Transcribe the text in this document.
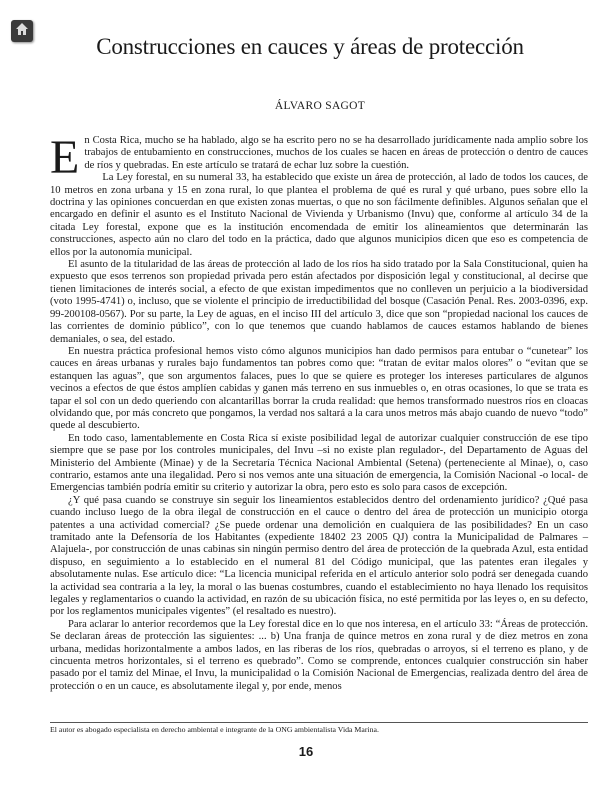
Construcciones en cauces y áreas de protección

ÁLVARO SAGOT

En Costa Rica, mucho se ha hablado, algo se ha escrito pero no se ha desarrollado jurídicamente nada amplio sobre los trabajos de entubamiento en construcciones, muchos de los cuales se hacen en áreas de protección o dentro de cauces de ríos y quebradas. En este artículo se tratará de echar luz sobre la cuestión.

La Ley forestal, en su numeral 33, ha establecido que existe un área de protección, al lado de todos los cauces, de 10 metros en zona urbana y 15 en zona rural, lo que plantea el problema de qué es rural y qué urbano, pues sobre ello la doctrina y las opiniones concuerdan en que existen zonas muertas, o que no son fácilmente definibles. Algunos señalan que el encargado en definir el asunto es el Instituto Nacional de Vivienda y Urbanismo (Invu) que, conforme al artículo 34 de la citada Ley forestal, expone que es la institución encomendada de emitir los alineamientos que determinarán las construcciones, aspecto aún no claro del todo en la práctica, dado que algunos municipios dicen que eso es competencia de ellos por la autonomía municipal.

El asunto de la titularidad de las áreas de protección al lado de los ríos ha sido tratado por la Sala Constitucional, quien ha expuesto que esos terrenos son propiedad privada pero están afectados por disposición legal y constitucional, al decirse que tienen limitaciones de interés social, a efecto de que existan impedimentos que no conlleven un perjuicio a la biodiversidad (voto 1995-4741) o, incluso, que se violente el principio de irreductibilidad del bosque (Casación Penal. Res. 2003-0396, exp. 99-200108-0567). Por su parte, la Ley de aguas, en el inciso III del artículo 3, dice que son “propiedad nacional los cauces de las corrientes de dominio público”, con lo que tenemos que cuando hablamos de cauces estamos hablando de bienes demaniales, o sea, del estado.

En nuestra práctica profesional hemos visto cómo algunos municipios han dado permisos para entubar o “cunetear” los cauces en áreas urbanas y rurales bajo fundamentos tan pobres como que: “tratan de evitar malos olores” o “evitan que se estanquen las aguas”, que son argumentos falaces, pues lo que se quiere es proteger los intereses particulares de algunos vecinos a efectos de que éstos amplíen cabidas y ganen más terreno en sus inmuebles o, en otras ocasiones, lo que se trata es tapar el sol con un dedo queriendo con alcantarillas borrar la cruda realidad: que hemos transformado nuestros ríos en cloacas olvidando que, por más concreto que pongamos, la verdad nos saltará a la cara unos metros más abajo cuando de nuevo “todo” quede al descubierto.

En todo caso, lamentablemente en Costa Rica sí existe posibilidad legal de autorizar cualquier construcción de ese tipo siempre que se pase por los controles municipales, del Invu –si no existe plan regulador-, del Departamento de Aguas del Ministerio del Ambiente (Minae) y de la Secretaría Técnica Nacional Ambiental (Setena) (perteneciente al Minae), o, caso contrario, estamos ante una ilegalidad. Pero si nos vemos ante una situación de emergencia, la Comisión Nacional -o local- de Emergencias también podría emitir su criterio y autorizar la obra, pero esto es solo para casos de excepción.

¿Y qué pasa cuando se construye sin seguir los lineamientos establecidos dentro del ordenamiento jurídico? ¿Qué pasa cuando incluso luego de la obra ilegal de construcción en el cauce o dentro del área de protección un municipio otorga patentes a una actividad comercial? ¿Se puede ordenar una demolición en cualquiera de las posibilidades? En un caso tramitado ante la Defensoría de los Habitantes (expediente 18402 23 2005 QJ) contra la Municipalidad de Palmares –Alajuela-, por construcción de unas cabinas sin ningún permiso dentro del área de protección de la quebrada Azul, esta entidad dispuso, en seguimiento a lo establecido en el numeral 81 del Código municipal, que las patentes eran ilegales y absolutamente nulas. Ese artículo dice: “La licencia municipal referida en el artículo anterior solo podrá ser denegada cuando la actividad sea contraria a la ley, la moral o las buenas costumbres, cuando el establecimiento no haya llenado los requisitos legales y reglamentarios o cuando la actividad, en razón de su ubicación física, no esté permitida por las leyes o, en su defecto, por los reglamentos municipales vigentes” (el resaltado es nuestro).

Para aclarar lo anterior recordemos que la Ley forestal dice en lo que nos interesa, en el artículo 33: “Áreas de protección. Se declaran áreas de protección las siguientes: ... b) Una franja de quince metros en zona rural y de diez metros en zona urbana, medidas horizontalmente a ambos lados, en las riberas de los ríos, quebradas o arroyos, si el terreno es plano, y de cincuenta metros horizontales, si el terreno es quebrado”. Como se comprende, entonces cualquier construcción sin haber pasado por el tamiz del Minae, el Invu, la municipalidad o la Comisión Nacional de Emergencias, realizada dentro del área de protección o en un cauce, es absolutamente ilegal y, por ende, menos

El autor es abogado especialista en derecho ambiental e integrante de la ONG ambientalista Vida Marina.
16
